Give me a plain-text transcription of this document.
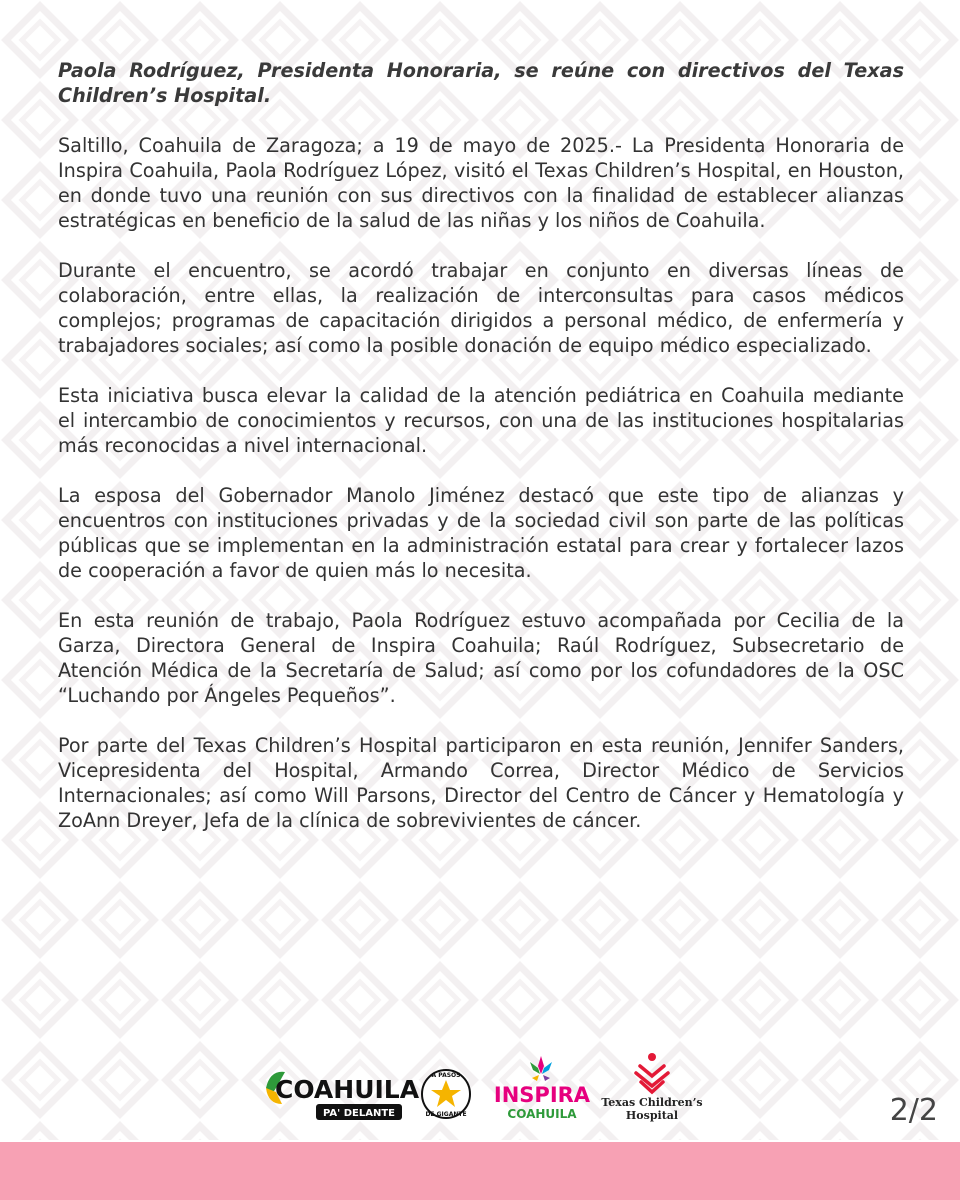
Paola Rodríguez, Presidenta Honoraria, se reúne con directivos del Texas Children’s Hospital.

Saltillo, Coahuila de Zaragoza; a 19 de mayo de 2025.- La Presidenta Honoraria de Inspira Coahuila, Paola Rodríguez López, visitó el Texas Children’s Hospital, en Houston, en donde tuvo una reunión con sus directivos con la finalidad de establecer alianzas estratégicas en beneficio de la salud de las niñas y los niños de Coahuila.

Durante el encuentro, se acordó trabajar en conjunto en diversas líneas de colaboración, entre ellas, la realización de interconsultas para casos médicos complejos; programas de capacitación dirigidos a personal médico, de enfermería y trabajadores sociales; así como la posible donación de equipo médico especializado.

Esta iniciativa busca elevar la calidad de la atención pediátrica en Coahuila mediante el intercambio de conocimientos y recursos, con una de las instituciones hospitalarias más reconocidas a nivel internacional.

La esposa del Gobernador Manolo Jiménez destacó que este tipo de alianzas y encuentros con instituciones privadas y de la sociedad civil son parte de las políticas públicas que se implementan en la administración estatal para crear y fortalecer lazos de cooperación a favor de quien más lo necesita.

En esta reunión de trabajo, Paola Rodríguez estuvo acompañada por Cecilia de la Garza, Directora General de Inspira Coahuila; Raúl Rodríguez, Subsecretario de Atención Médica de la Secretaría de Salud; así como por los cofundadores de la OSC “Luchando por Ángeles Pequeños”.

Por parte del Texas Children’s Hospital participaron en esta reunión, Jennifer Sanders, Vicepresidenta del Hospital, Armando Correa, Director Médico de Servicios Internacionales; así como Will Parsons, Director del Centro de Cáncer y Hematología y ZoAnn Dreyer, Jefa de la clínica de sobrevivientes de cáncer.

COAHUILA
PA' DELANTE
A PASOS
DE GIGANTE
INSPIRA
COAHUILA
Texas Children’s
Hospital	2/2
